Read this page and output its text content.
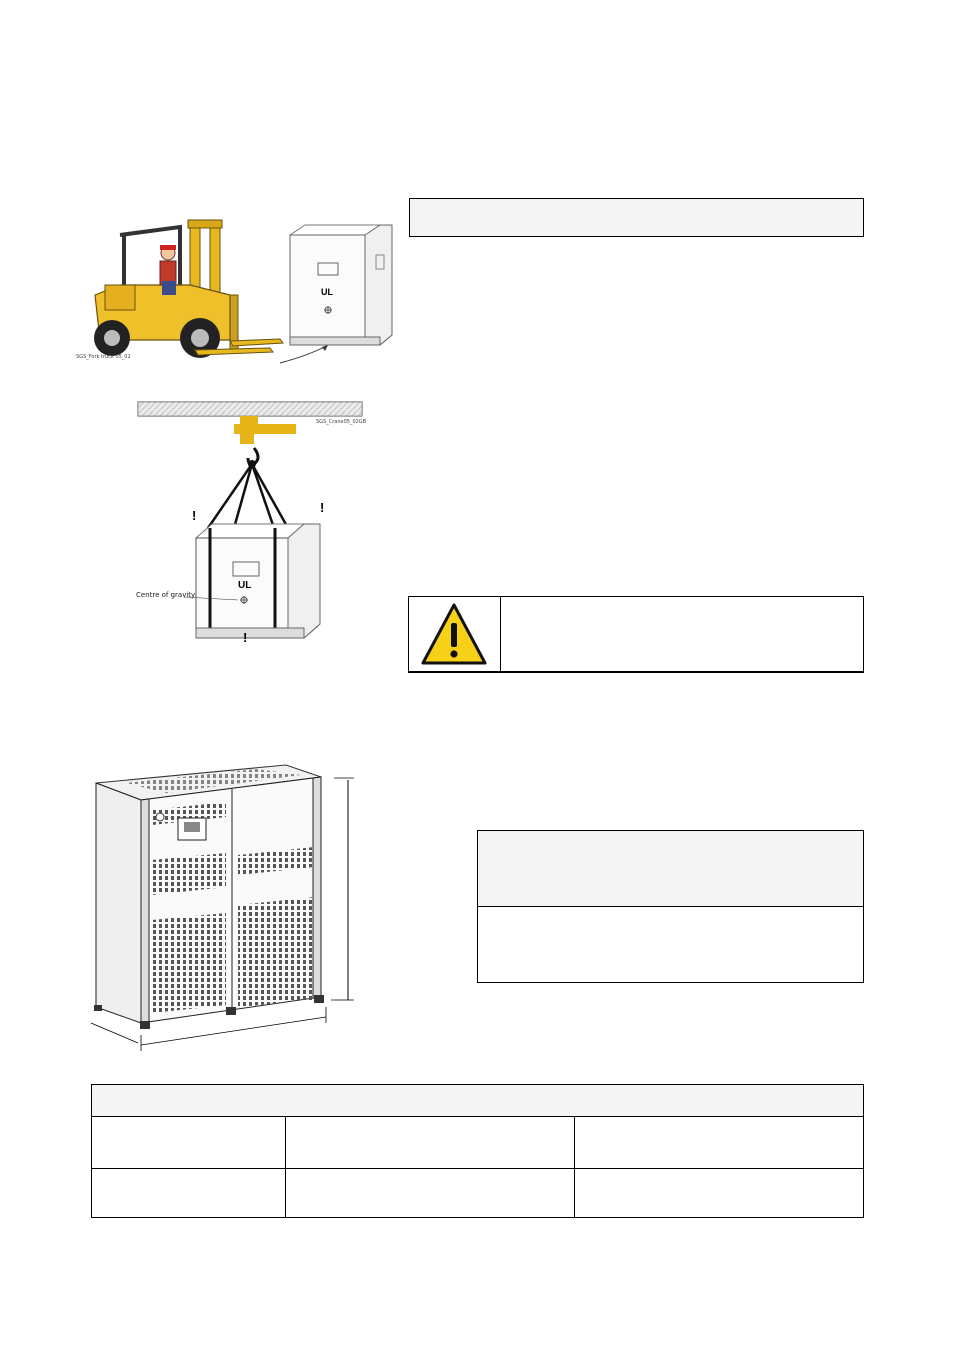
UL
SGS_Fork truck 05_02
UL
!
!
!
Centre of gravity
SGS_Crane05_02GB
